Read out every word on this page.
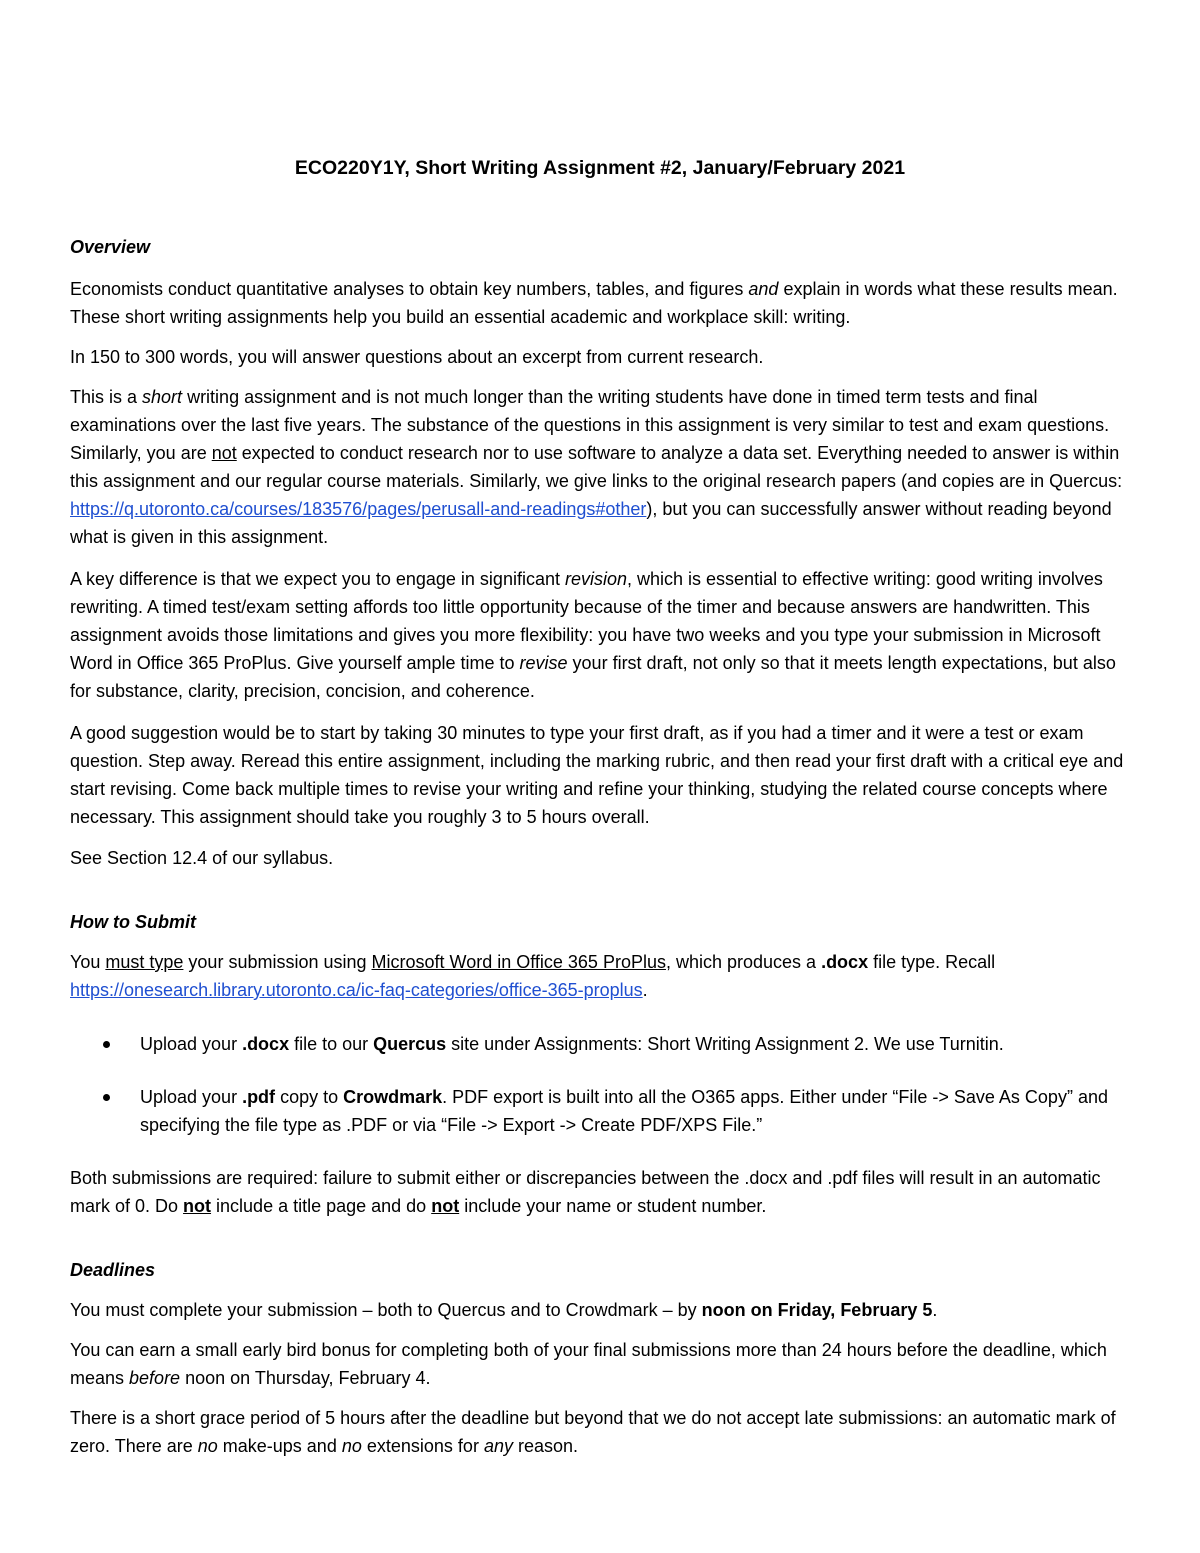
ECO220Y1Y, Short Writing Assignment #2, January/February 2021

Overview

Economists conduct quantitative analyses to obtain key numbers, tables, and figures and explain in words what these results mean. These short writing assignments help you build an essential academic and workplace skill: writing.

In 150 to 300 words, you will answer questions about an excerpt from current research.

This is a short writing assignment and is not much longer than the writing students have done in timed term tests and final examinations over the last five years. The substance of the questions in this assignment is very similar to test and exam questions. Similarly, you are not expected to conduct research nor to use software to analyze a data set. Everything needed to answer is within this assignment and our regular course materials. Similarly, we give links to the original research papers (and copies are in Quercus: https://q.utoronto.ca/courses/183576/pages/perusall-and-readings#other), but you can successfully answer without reading beyond what is given in this assignment.

A key difference is that we expect you to engage in significant revision, which is essential to effective writing: good writing involves rewriting. A timed test/exam setting affords too little opportunity because of the timer and because answers are handwritten. This assignment avoids those limitations and gives you more flexibility: you have two weeks and you type your submission in Microsoft Word in Office 365 ProPlus. Give yourself ample time to revise your first draft, not only so that it meets length expectations, but also for substance, clarity, precision, concision, and coherence.

A good suggestion would be to start by taking 30 minutes to type your first draft, as if you had a timer and it were a test or exam question. Step away. Reread this entire assignment, including the marking rubric, and then read your first draft with a critical eye and start revising. Come back multiple times to revise your writing and refine your thinking, studying the related course concepts where necessary. This assignment should take you roughly 3 to 5 hours overall.

See Section 12.4 of our syllabus.

How to Submit

You must type your submission using Microsoft Word in Office 365 ProPlus, which produces a .docx file type. Recall https://onesearch.library.utoronto.ca/ic-faq-categories/office-365-proplus.

Upload your .docx file to our Quercus site under Assignments: Short Writing Assignment 2. We use Turnitin.

Upload your .pdf copy to Crowdmark. PDF export is built into all the O365 apps. Either under “File -> Save As Copy” and specifying the file type as .PDF or via “File -> Export -> Create PDF/XPS File.”

Both submissions are required: failure to submit either or discrepancies between the .docx and .pdf files will result in an automatic mark of 0. Do not include a title page and do not include your name or student number.

Deadlines

You must complete your submission – both to Quercus and to Crowdmark – by noon on Friday, February 5.

You can earn a small early bird bonus for completing both of your final submissions more than 24 hours before the deadline, which means before noon on Thursday, February 4.

There is a short grace period of 5 hours after the deadline but beyond that we do not accept late submissions: an automatic mark of zero. There are no make-ups and no extensions for any reason.
